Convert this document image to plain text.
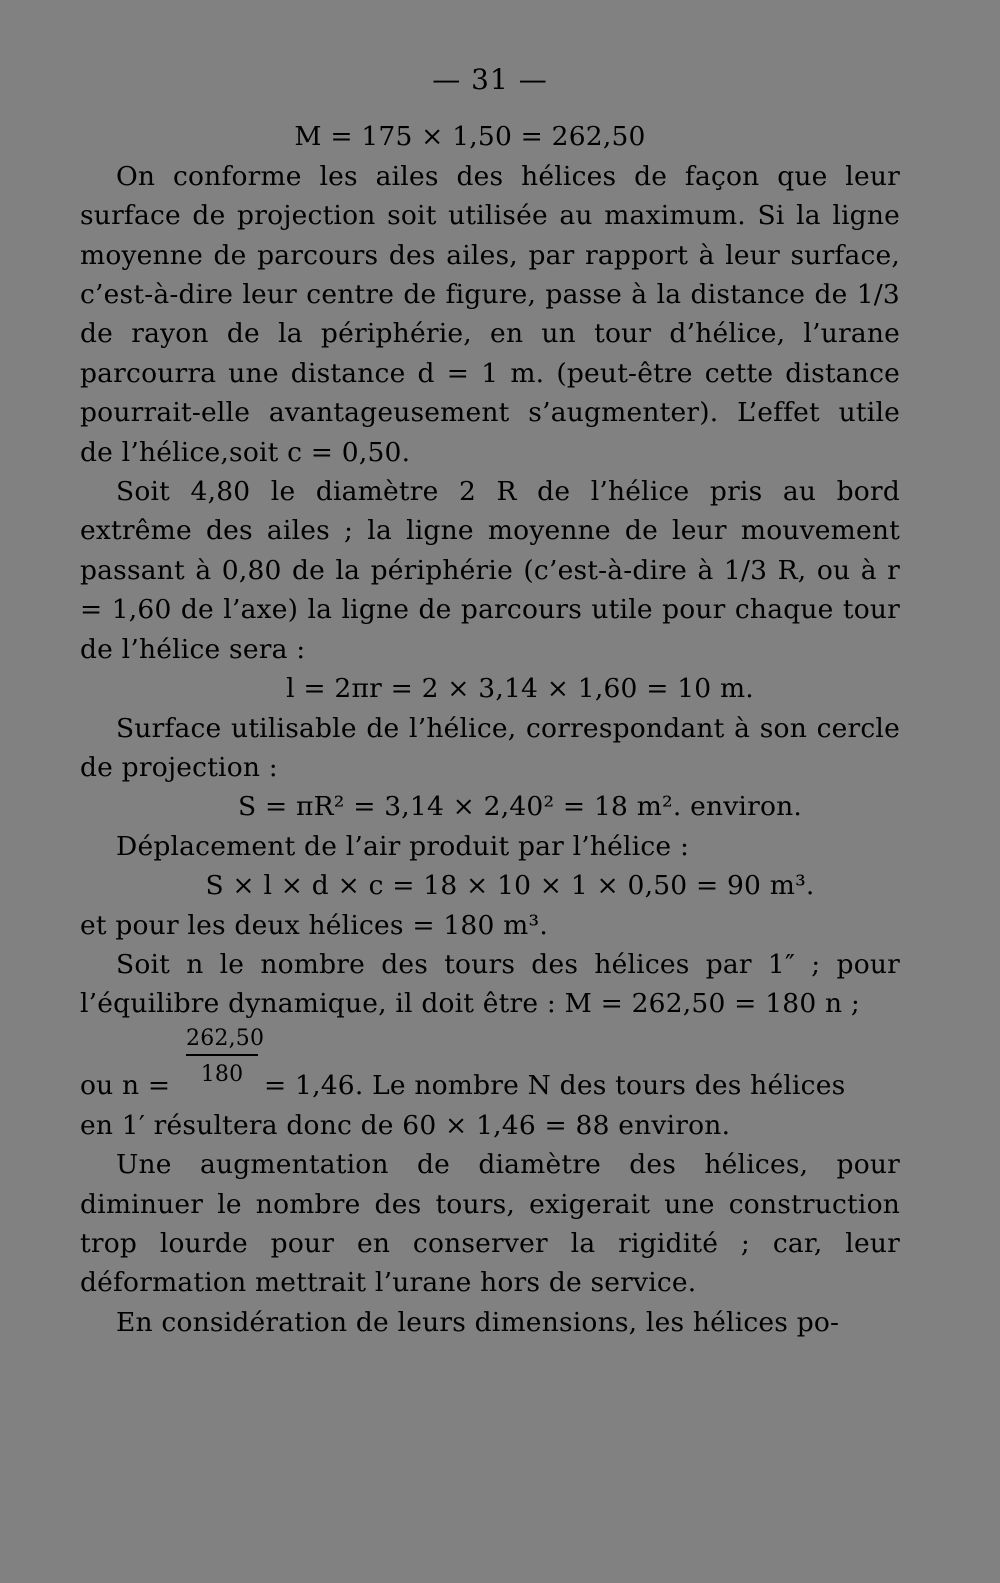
— 31 —
M = 175 × 1,50 = 262,50

On conforme les ailes des hélices de façon que leur surface de projection soit utilisée au maximum. Si la ligne moyenne de parcours des ailes, par rapport à leur surface, c’est-à-dire leur centre de figure, passe à la distance de 1/3 de rayon de la périphérie, en un tour d’hélice, l’urane parcourra une distance d = 1 m. (peut-être cette distance pourrait-elle avantageusement s’augmenter). L’effet utile de l’hélice,soit c = 0,50.

Soit 4,80 le diamètre 2 R de l’hélice pris au bord extrême des ailes ; la ligne moyenne de leur mouvement passant à 0,80 de la périphérie (c’est-à-dire à 1/3 R, ou à r = 1,60 de l’axe) la ligne de parcours utile pour chaque tour de l’hélice sera :

l = 2πr = 2 × 3,14 × 1,60 = 10 m.

Surface utilisable de l’hélice, correspondant à son cercle de projection :

S = πR² = 3,14 × 2,40² = 18 m². environ.

Déplacement de l’air produit par l’hélice :

S × l × d × c = 18 × 10 × 1 × 0,50 = 90 m³.

et pour les deux hélices = 180 m³.

Soit n le nombre des tours des hélices par 1″ ; pour l’équilibre dynamique, il doit être : M = 262,50 = 180 n ;

ou $n = \frac{262,50}{180} = 1,46$. Le nombre N des tours des hélices

en 1′ résultera donc de 60 × 1,46 = 88 environ.

Une augmentation de diamètre des hélices, pour diminuer le nombre des tours, exigerait une construction trop lourde pour en conserver la rigidité ; car, leur déformation mettrait l’urane hors de service.

En considération de leurs dimensions, les hélices po-
